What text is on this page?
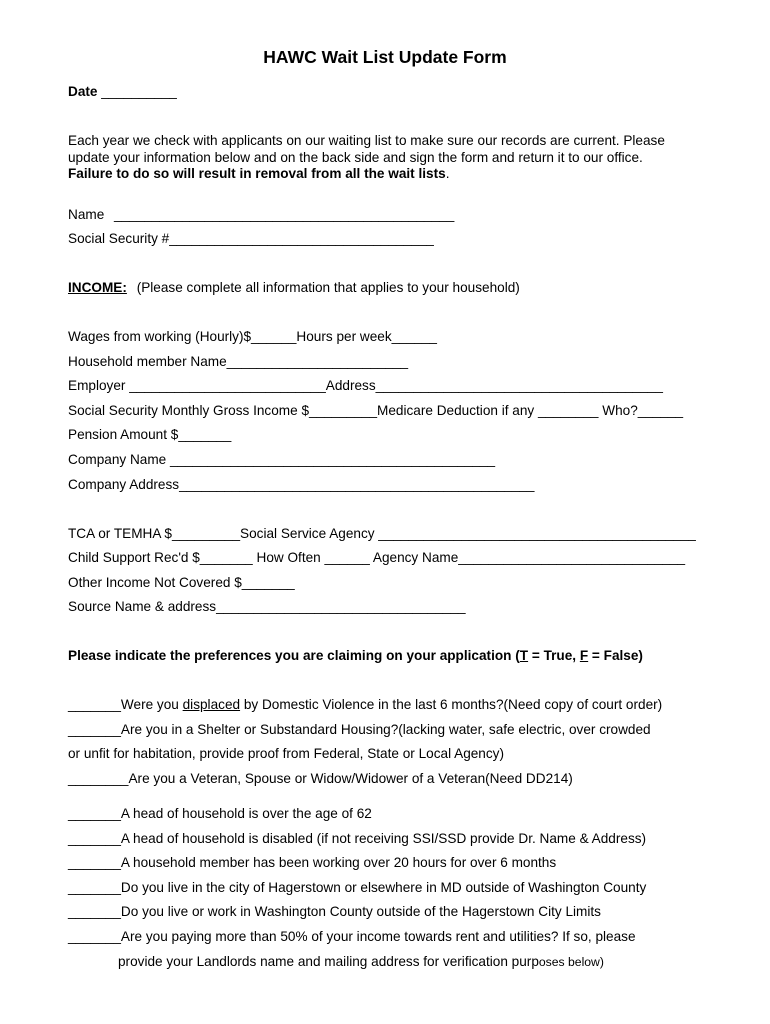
HAWC Wait List Update Form
Date __________
Each year we check with applicants on our waiting list to make sure our records are current. Please
update your information below and on the back side and sign the form and return it to our office.
Failure to do so will result in removal from all the wait lists.
Name _____________________________________________
Social Security #___________________________________
INCOME: (Please complete all information that applies to your household)
Wages from working (Hourly)$______Hours per week______
Household member Name________________________
Employer __________________________Address______________________________________
Social Security Monthly Gross Income $_________Medicare Deduction if any ________ Who?______
Pension Amount $_______
Company Name ___________________________________________
Company Address_______________________________________________
TCA or TEMHA $_________Social Service Agency __________________________________________
Child Support Rec'd $_______ How Often ______ Agency Name______________________________
Other Income Not Covered $_______
Source Name & address_________________________________
Please indicate the preferences you are claiming on your application (T = True, F = False)
_______Were you displaced by Domestic Violence in the last 6 months?(Need copy of court order)
_______Are you in a Shelter or Substandard Housing?(lacking water, safe electric, over crowded
or unfit for habitation, provide proof from Federal, State or Local Agency)
________Are you a Veteran, Spouse or Widow/Widower of a Veteran(Need DD214)
_______A head of household is over the age of 62
_______A head of household is disabled (if not receiving SSI/SSD provide Dr. Name & Address)
_______A household member has been working over 20 hours for over 6 months
_______Do you live in the city of Hagerstown or elsewhere in MD outside of Washington County
_______Do you live or work in Washington County outside of the Hagerstown City Limits
_______Are you paying more than 50% of your income towards rent and utilities? If so, please
provide your Landlords name and mailing address for verification purposes below)
